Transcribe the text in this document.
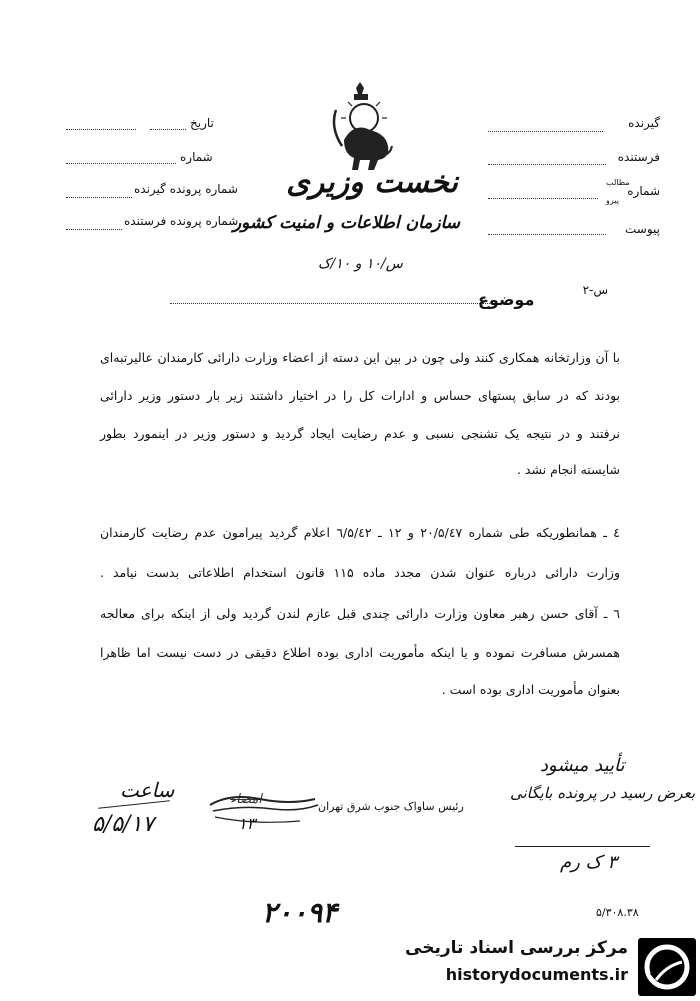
نخست وزیری
سازمان اطلاعات و امنیت کشور
س/۱۰ و ۱۰/ک
گیرنده
فرستنده
شماره
مطالب
پیرو
پیوست
تاریخ
شماره
شماره پرونده گیرنده
شماره پرونده فرستنده
س-۲
موضوع
با آن وزارتخانه همکاری کنند ولی چون در بین این دسته از اعضاء وزارت دارائی کارمندان عالیرتبه‌ای
بودند که در سابق پستهای حساس و ادارات کل را در اختیار داشتند زیر بار دستور وزیر دارائی
نرفتند و در نتیجه یک تشنجی نسبی و عدم رضایت ایجاد گردید و دستور وزیر در اینمورد بطور
شایسته انجام نشد .
٤ ـ همانطوریکه طی شماره ۲۰/۵/٤۷ و ۱۲ ـ ٦/۵/٤۲ اعلام گردید پیرامون عدم رضایت کارمندان
وزارت دارائی درباره عنوان شدن مجدد ماده ۱۱۵ قانون استخدام اطلاعاتی بدست نیامد .
٦ ـ آقای حسن رهبر معاون وزارت دارائی چندی قبل عازم لندن گردید ولی از اینکه برای معالجه
همسرش مسافرت نموده و یا اینکه مأموریت اداری بوده اطلاع دقیقی در دست نیست اما ظاهرا
بعنوان مأموریت اداری بوده است .
ساعت
۵/۵/۱۷
رئیس ساواک جنوب شرق تهران
امضاء
۱۳
تأیید میشود
بعرض رسید در پرونده بایگانی
۳ ک رم
۲۰۰۹۴	۵/۳۰۸.۳۸
مرکز بررسی اسناد تاریخی
historydocuments.ir
